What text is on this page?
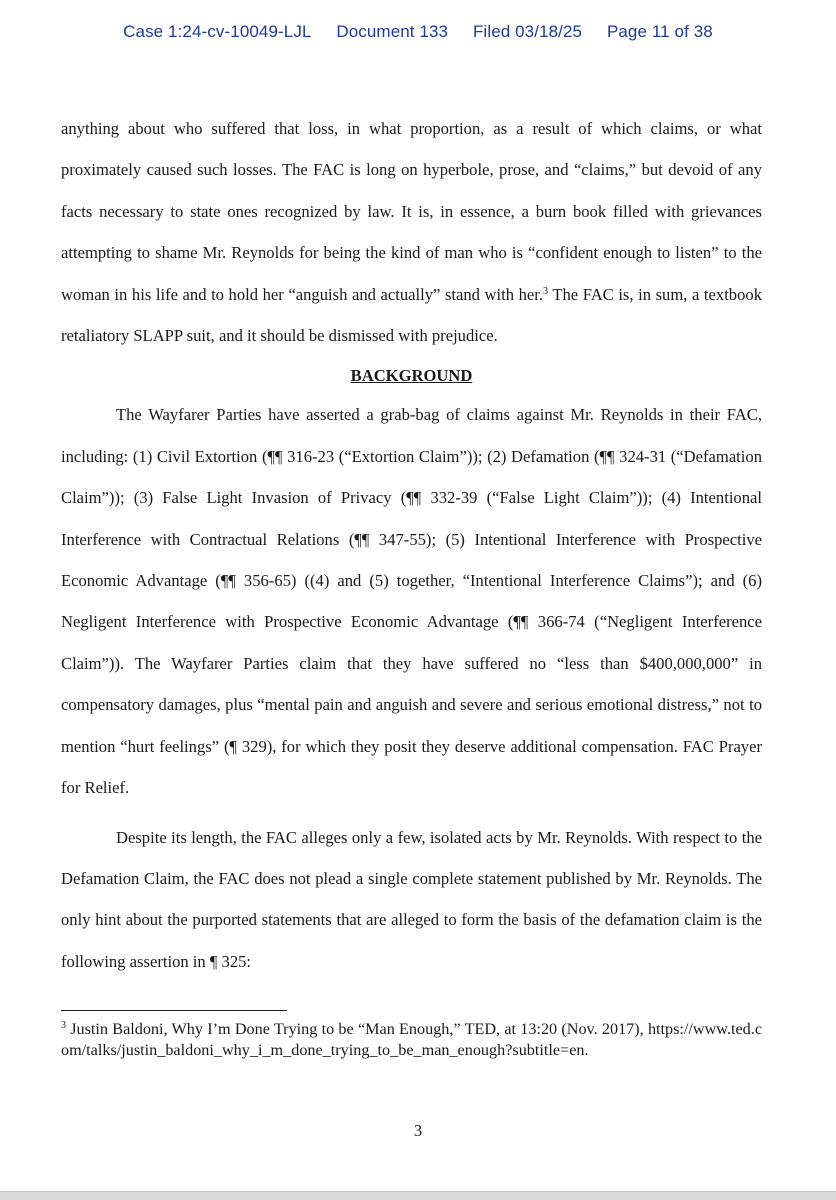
Case 1:24-cv-10049-LJL Document 133 Filed 03/18/25 Page 11 of 38

anything about who suffered that loss, in what proportion, as a result of which claims, or what proximately caused such losses. The FAC is long on hyperbole, prose, and “claims,” but devoid of any facts necessary to state ones recognized by law. It is, in essence, a burn book filled with grievances attempting to shame Mr. Reynolds for being the kind of man who is “confident enough to listen” to the woman in his life and to hold her “anguish and actually” stand with her.$^3$ The FAC is, in sum, a textbook retaliatory SLAPP suit, and it should be dismissed with prejudice.

BACKGROUND

The Wayfarer Parties have asserted a grab-bag of claims against Mr. Reynolds in their FAC, including: (1) Civil Extortion (¶¶ 316-23 (“Extortion Claim”)); (2) Defamation (¶¶ 324-31 (“Defamation Claim”)); (3) False Light Invasion of Privacy (¶¶ 332-39 (“False Light Claim”)); (4) Intentional Interference with Contractual Relations (¶¶ 347-55); (5) Intentional Interference with Prospective Economic Advantage (¶¶ 356-65) ((4) and (5) together, “Intentional Interference Claims”); and (6) Negligent Interference with Prospective Economic Advantage (¶¶ 366-74 (“Negligent Interference Claim”)). The Wayfarer Parties claim that they have suffered no “less than $400,000,000” in compensatory damages, plus “mental pain and anguish and severe and serious emotional distress,” not to mention “hurt feelings” (¶ 329), for which they posit they deserve additional compensation. FAC Prayer for Relief.

Despite its length, the FAC alleges only a few, isolated acts by Mr. Reynolds. With respect to the Defamation Claim, the FAC does not plead a single complete statement published by Mr. Reynolds. The only hint about the purported statements that are alleged to form the basis of the defamation claim is the following assertion in ¶ 325:

$^3$ Justin Baldoni, Why I’m Done Trying to be “Man Enough,” TED, at 13:20 (Nov. 2017), https://www.ted.com/talks/justin_baldoni_why_i_m_done_trying_to_be_man_enough?subtitle=en.
3
